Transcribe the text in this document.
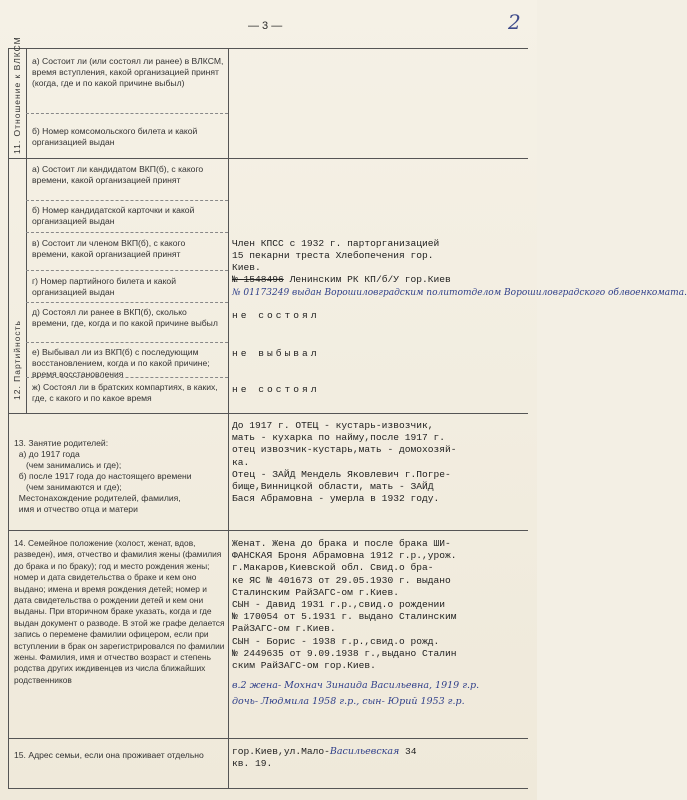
— 3 —	2
11. Отношение к ВЛКСМ
12. Партийность
а) Состоит ли (или состоял ли ранее) в ВЛКСМ, время вступления, какой организацией принят (когда, где и по какой причине выбыл)
б) Номер комсомольского билета и какой организацией выдан
а) Состоит ли кандидатом ВКП(б), с какого времени, какой организацией принят
б) Номер кандидатской карточки и какой организацией выдан
в) Состоит ли членом ВКП(б), с какого времени, какой организацией принят
г) Номер партийного билета и какой организацией выдан
д) Состоял ли ранее в ВКП(б), сколько времени, где, когда и по какой причине выбыл
е) Выбывал ли из ВКП(б) с последующим восстановлением, когда и по какой причине; время восстановления
ж) Состоял ли в братских компартиях, в каких, где, с какого и по какое время
Член КПСС с 1932 г. партоpганизацией
15 пекаpни тpеста Хлебопечения гоp.
Киев.
№ 1548496 Ленинским РК КП/б/У гоp.Киев
№ 01173249 выдан Ворошиловградским политотделом Ворошиловградского облвоенкомата.
не состоял
не выбывал
не состоял
13. Занятие родителей:
а) до 1917 года
(чем занимались и где);
б) после 1917 года до настоящего времени
(чем занимаются и где);
Местонахождение родителей, фамилия,
имя и отчество отца и матери
До 1917 г. ОТЕЦ - кустаpь-извозчик,
мать - кухаpка по найму,после 1917 г.
отец извозчик-кустаpь,мать - домохозяй-
ка.
Отец - ЗАЙД Мендель Яковлевич г.Погpе-
бище,Винницкой области, мать - ЗАЙД
Бася Абpамовна - умеpла в 1932 году.
14. Семейное положение (холост, женат, вдов, разведен), имя, отчество и фамилия жены (фамилия до брака и по браку); год и место рождения жены; номер и дата свидетельства о браке и кем оно выдано; имена и время рождения детей; номер и дата свидетельства о рождении детей и кем они выданы. При вторичном браке указать, когда и где выдан документ о разводе. В этой же графе делается запись о перемене фамилии офицером, если при вступлении в брак он зарегистрировался по фамилии жены. Фамилия, имя и отчество возраст и степень родства других иждивенцев из числа ближайших родственников
Женат. Жена до бpака и после бpака ШИ-
ФАНСКАЯ Бpоня Абpамовна 1912 г.p.,уpож.
г.Макаpов,Киевской обл. Свид.о бpа-
ке ЯС № 401673 от 29.05.1930 г. выдано
Сталинским РайЗАГС-ом г.Киев.
СЫН - Давид 1931 г.p.,свид.о pождении
№ 170054 от 5.1931 г. выдано Сталинским
РайЗАГС-ом г.Киев.
СЫН - Боpис - 1938 г.p.,свид.о pожд.
№ 2449635 от 9.09.1938 г.,выдано Сталин
ским РайЗАГС-ом гоp.Киев.
в.2 жена- Мохнач Зинаида Васильевна, 1919 г.р.
дочь- Людмила 1958 г.р., сын- Юрий 1953 г.р.
15. Адрес семьи, если она проживает отдельно	гоp.Киев,ул.Мало-Васильевская 34
кв. 19.
